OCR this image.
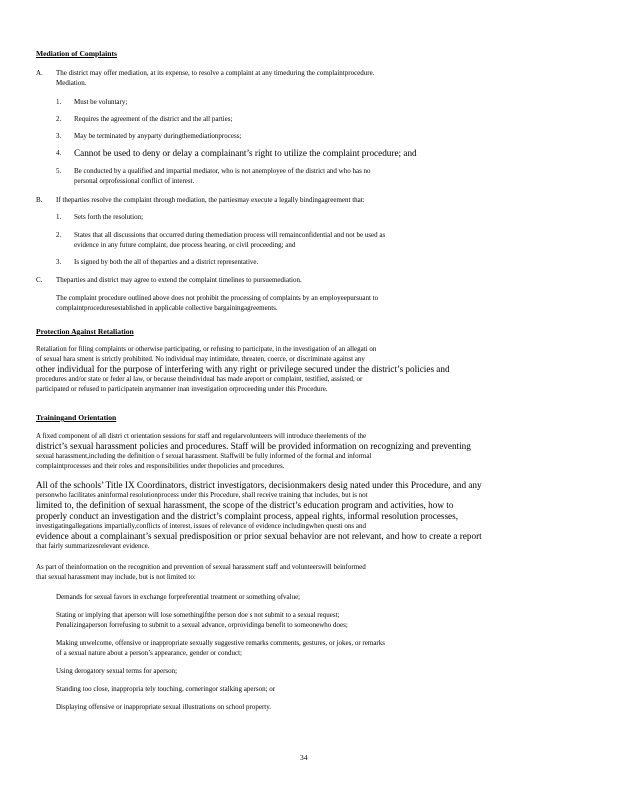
Mediation of Complaints
A. The district may offer mediation, at its expense, to resolve a complaint at any timeduring the complaintprocedure.
Mediation.
1. Must be voluntary;
2. Requires the agreement of the district and the all parties;
3. May be terminated by anyparty duringthemediationprocess;
4. Cannot be used to deny or delay a complainant’s right to utilize the complaint procedure; and
5. Be conducted by a qualified and impartial mediator, who is not anemployee of the district and who has no
personal orprofessional conflict of interest.
B. If theparties resolve the complaint through mediation, the partiesmay execute a legally bindingagreement that:
1. Sets forth the resolution;
2. States that all discussions that occurred during themediation process will remainconfidential and not be used as
evidence in any future complaint, due process hearing, or civil proceeding; and
3. Is signed by both the all of theparties and a district representative.
C. Theparties and district may agree to extend the complaint timelines to pursuemediation.
The complaint procedure outlined above does not prohibit the processing of complaints by an employeepursuant to
complaintproceduresestablished in applicable collective bargainingagreements.
Protection Against Retaliation
Retaliation for filing complaints or otherwise participating, or refusing to participate, in the investigation of an allegati on
of sexual hara sment is strictly prohibited. No individual may intimidate, threaten, coerce, or discriminate against any
other individual for the purpose of interfering with any right or privilege secured under the district’s policies and
procedures and/or state or feder al law, or because theindividual has made areport or complaint, testified, assisted, or
participated or refused to participatein anymanner inan investigation orproceeding under this Procedure.
Trainingand Orientation
A fixed component of all distri ct orientation sessions for staff and regularvolunteers will introduce theelements of the
district’s sexual harassment policies and procedures. Staff will be provided information on recognizing and preventing
sexual harassment,including the definition o f sexual harassment. Staffwill be fully informed of the formal and informal
complaintprocesses and their roles and responsibilities under thepolicies and procedures.
All of the schools’ Title IX Coordinators, district investigators, decisionmakers desig nated under this Procedure, and any
personwho facilitates aninformal resolutionprocess under this Procedure, shall receive training that includes, but is not
limited to, the definition of sexual harassment, the scope of the district’s education program and activities, how to
properly conduct an investigation and the district’s complaint process, appeal rights, informal resolution processes,
investigatingallegations impartially,conflicts of interest, issues of relevance of evidence includingwhen questi ons and
evidence about a complainant’s sexual predisposition or prior sexual behavior are not relevant, and how to create a report
that fairly summarizesrelevant evidence.
As part of theinformation on the recognition and prevention of sexual harassment staff and volunteerswill beinformed
that sexual harassment may include, but is not limited to:
Demands for sexual favors in exchange forpreferential treatment or something ofvalue;
Stating or implying that aperson will lose somethingifthe person doe s not submit to a sexual request;
Penalizingaperson forrefusing to submit to a sexual advance, orprovidinga benefit to someonewho does;
Making unwelcome, offensive or inappropriate sexually suggestive remarks comments, gestures, or jokes, or remarks
of a sexual nature about a person’s appearance, gender or conduct;
Using derogatory sexual terms for aperson;
Standing too close, inappropria tely touching, corneringor stalking aperson; or
Displaying offensive or inappropriate sexual illustrations on school property.
34
